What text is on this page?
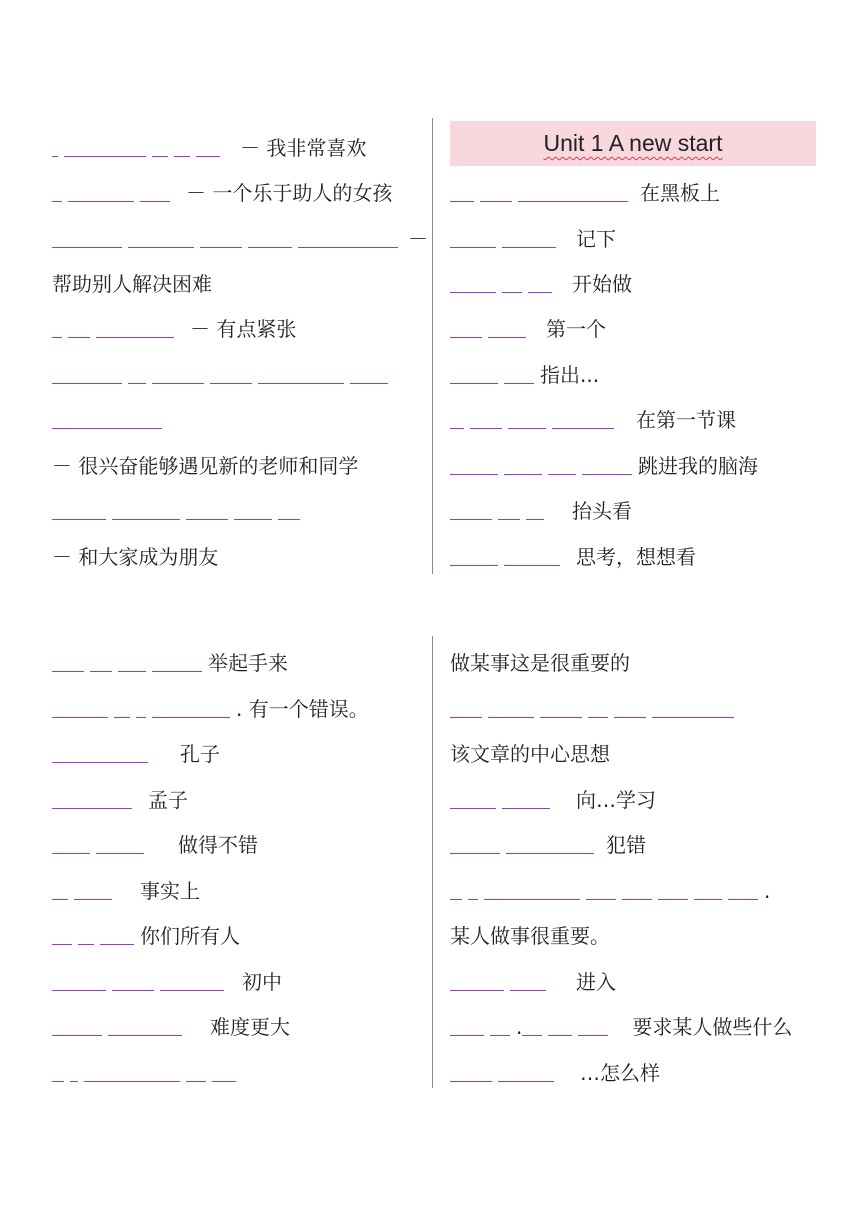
Unit 1 A new start
－ 我非常喜欢
－ 一个乐于助人的女孩
－
帮助别人解决困难
－ 有点紧张
－ 很兴奋能够遇见新的老师和同学
－ 和大家成为朋友
在黑板上
记下
开始做
第一个
指出...
在第一节课
跳进我的脑海
抬头看
思考，想想看
举起手来
. 有一个错误。
孔子
孟子
做得不错
事实上
你们所有人
初中
难度更大
做某事这是很重要的
该文章的中心思想
向…学习
犯错
.
某人做事很重要。
进入
.	要求某人做些什么
…怎么样
